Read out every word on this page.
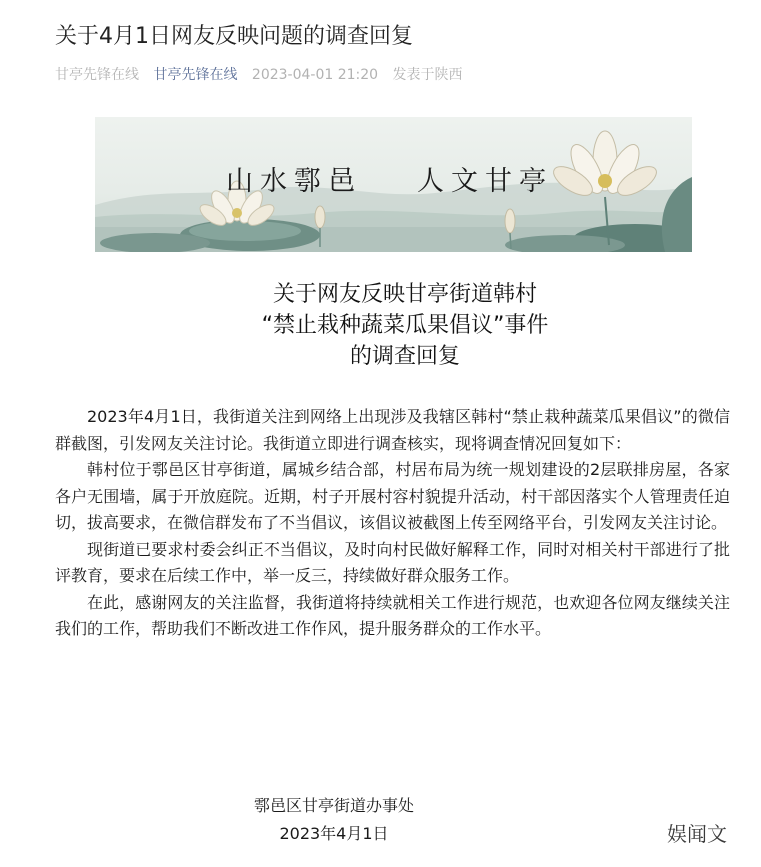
关于4月1日网友反映问题的调查回复
甘亭先锋在线 甘亭先锋在线 2023-04-01 21:20 发表于陕西
山水鄠邑 人文甘亭
关于网友反映甘亭街道韩村
“禁止栽种蔬菜瓜果倡议”事件
的调查回复

2023年4月1日，我街道关注到网络上出现涉及我辖区韩村“禁止栽种蔬菜瓜果倡议”的微信群截图，引发网友关注讨论。我街道立即进行调查核实，现将调查情况回复如下：

韩村位于鄠邑区甘亭街道，属城乡结合部，村居布局为统一规划建设的2层联排房屋，各家各户无围墙，属于开放庭院。近期，村子开展村容村貌提升活动，村干部因落实个人管理责任迫切，拔高要求，在微信群发布了不当倡议，该倡议被截图上传至网络平台，引发网友关注讨论。

现街道已要求村委会纠正不当倡议，及时向村民做好解释工作，同时对相关村干部进行了批评教育，要求在后续工作中，举一反三，持续做好群众服务工作。

在此，感谢网友的关注监督，我街道将持续就相关工作进行规范，也欢迎各位网友继续关注我们的工作，帮助我们不断改进工作作风，提升服务群众的工作水平。

鄠邑区甘亭街道办事处
2023年4月1日	娱闻文
